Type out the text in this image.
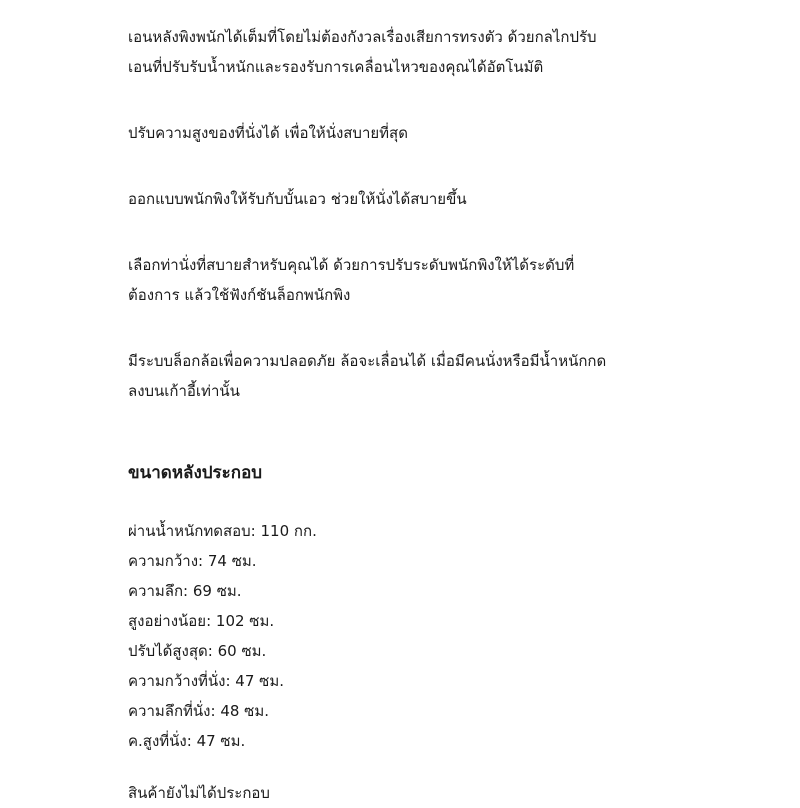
เอนหลังพิงพนักได้เต็มที่โดยไม่ต้องกังวลเรื่องเสียการทรงตัว ด้วยกลไกปรับ
เอนที่ปรับรับน้ำหนักและรองรับการเคลื่อนไหวของคุณได้อัตโนมัติ

ปรับความสูงของที่นั่งได้ เพื่อให้นั่งสบายที่สุด

ออกแบบพนักพิงให้รับกับบั้นเอว ช่วยให้นั่งได้สบายขึ้น

เลือกท่านั่งที่สบายสำหรับคุณได้ ด้วยการปรับระดับพนักพิงให้ได้ระดับที่
ต้องการ แล้วใช้ฟังก์ชันล็อกพนักพิง

มีระบบล็อกล้อเพื่อความปลอดภัย ล้อจะเลื่อนได้ เมื่อมีคนนั่งหรือมีน้ำหนักกด
ลงบนเก้าอี้เท่านั้น

ขนาดหลังประกอบ
ผ่านน้ำหนักทดสอบ: 110 กก.
ความกว้าง: 74 ซม.
ความลึก: 69 ซม.
สูงอย่างน้อย: 102 ซม.
ปรับได้สูงสุด: 60 ซม.
ความกว้างที่นั่ง: 47 ซม.
ความลึกที่นั่ง: 48 ซม.
ค.สูงที่นั่ง: 47 ซม.

สินค้ายังไม่ได้ประกอบ
